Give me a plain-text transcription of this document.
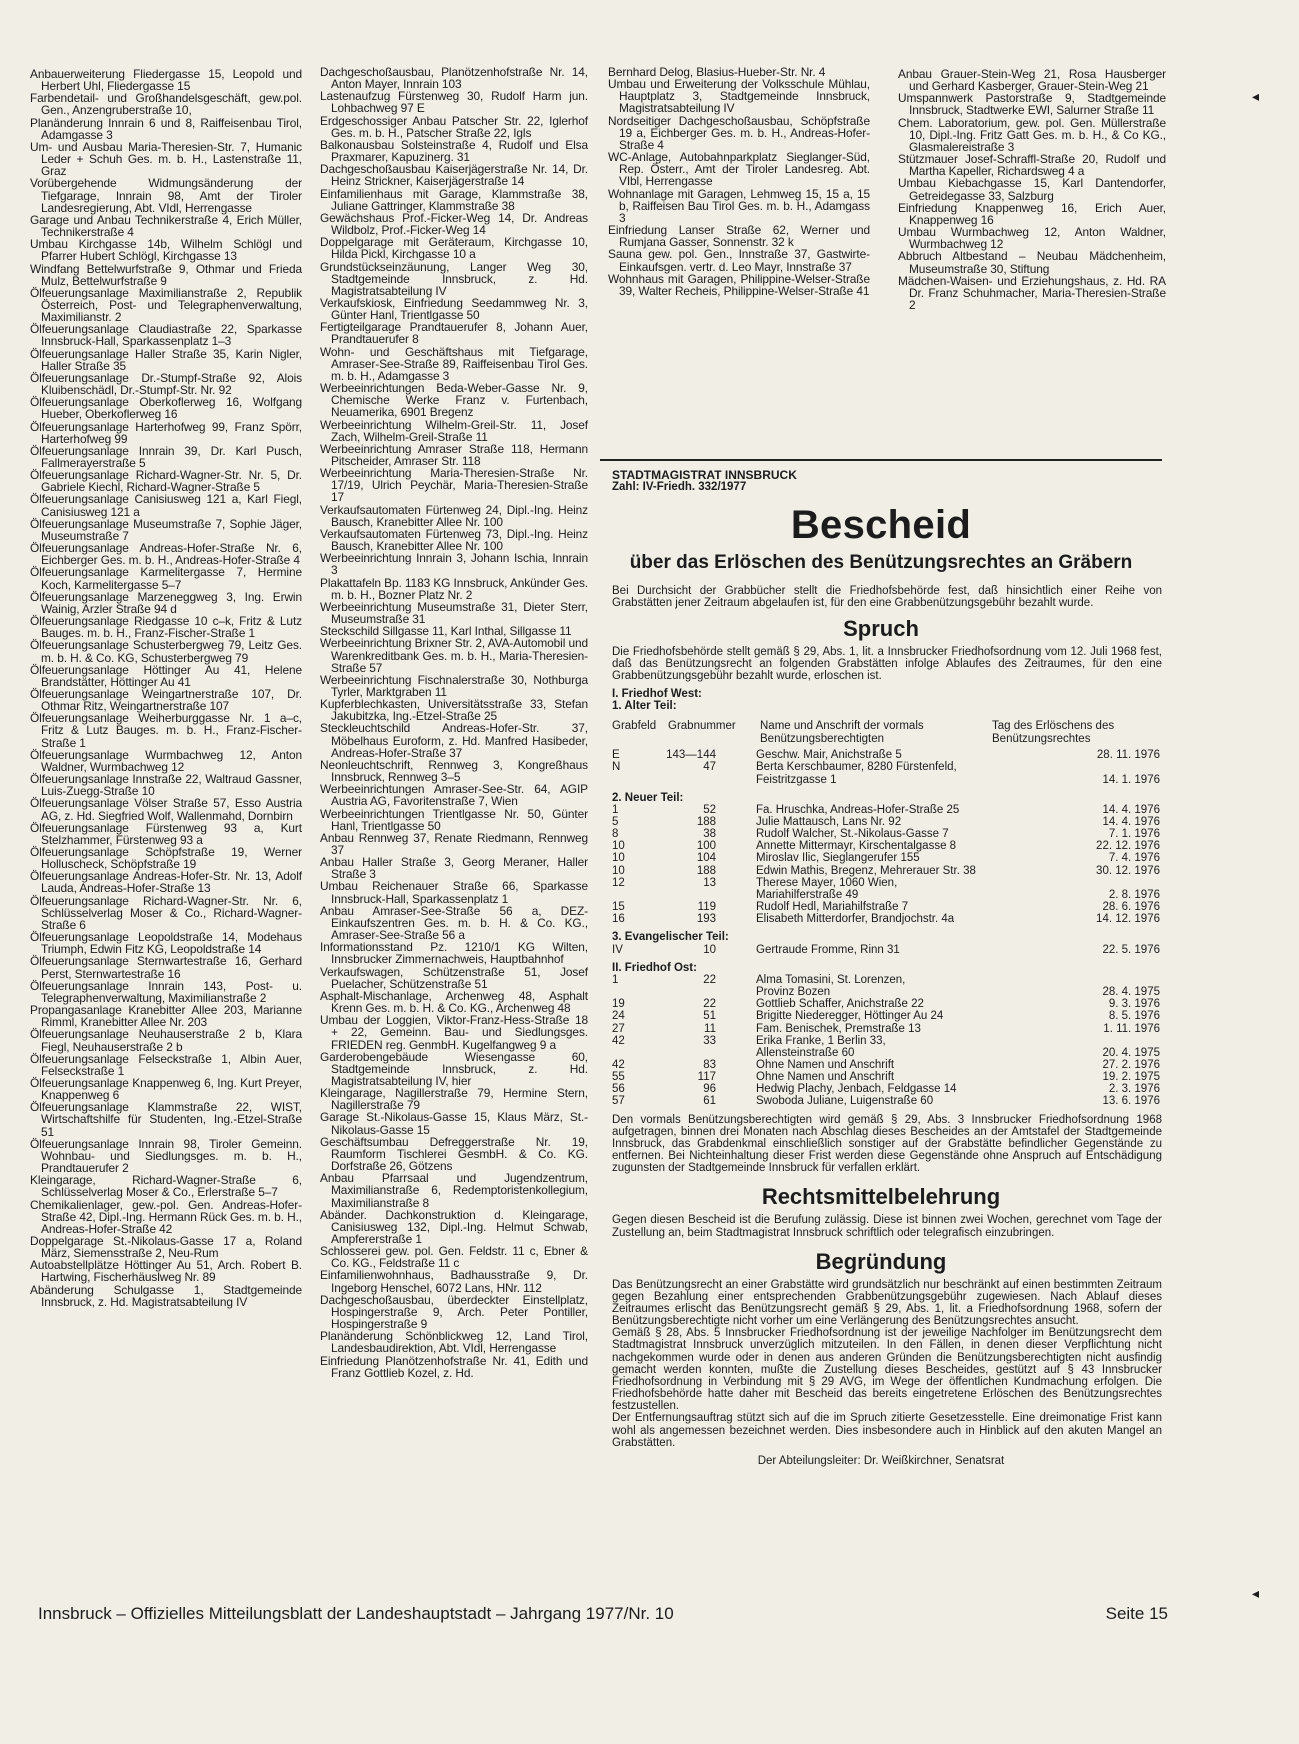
Anbauerweiterung Fliedergasse 15, Leopold und Herbert Uhl, Fliedergasse 15

Farbendetail- und Großhandelsgeschäft, gew.pol. Gen., Anzengruberstraße 10,

Planänderung Innrain 6 und 8, Raiffeisenbau Tirol, Adamgasse 3

Um- und Ausbau Maria-Theresien-Str. 7, Humanic Leder + Schuh Ges. m. b. H., Lastenstraße 11, Graz

Vorübergehende Widmungsänderung der Tiefgarage, Innrain 98, Amt der Tiroler Landesregierung, Abt. VIdl, Herrengasse

Garage und Anbau Technikerstraße 4, Erich Müller, Technikerstraße 4

Umbau Kirchgasse 14b, Wilhelm Schlögl und Pfarrer Hubert Schlögl, Kirchgasse 13

Windfang Bettelwurfstraße 9, Othmar und Frieda Mulz, Bettelwurfstraße 9

Ölfeuerungsanlage Maximilianstraße 2, Republik Österreich, Post- und Telegraphenverwaltung, Maximilianstr. 2

Ölfeuerungsanlage Claudiastraße 22, Sparkasse Innsbruck-Hall, Sparkassenplatz 1–3

Ölfeuerungsanlage Haller Straße 35, Karin Nigler, Haller Straße 35

Ölfeuerungsanlage Dr.-Stumpf-Straße 92, Alois Kluibenschädl, Dr.-Stumpf-Str. Nr. 92

Ölfeuerungsanlage Oberkoflerweg 16, Wolfgang Hueber, Oberkoflerweg 16

Ölfeuerungsanlage Harterhofweg 99, Franz Spörr, Harterhofweg 99

Ölfeuerungsanlage Innrain 39, Dr. Karl Pusch, Fallmerayerstraße 5

Ölfeuerungsanlage Richard-Wagner-Str. Nr. 5, Dr. Gabriele Kiechl, Richard-Wagner-Straße 5

Ölfeuerungsanlage Canisiusweg 121 a, Karl Fiegl, Canisiusweg 121 a

Ölfeuerungsanlage Museumstraße 7, Sophie Jäger, Museumstraße 7

Ölfeuerungsanlage Andreas-Hofer-Straße Nr. 6, Eichberger Ges. m. b. H., Andreas-Hofer-Straße 4

Ölfeuerungsanlage Karmelitergasse 7, Hermine Koch, Karmelitergasse 5–7

Ölfeuerungsanlage Marzeneggweg 3, Ing. Erwin Wainig, Arzler Straße 94 d

Ölfeuerungsanlage Riedgasse 10 c–k, Fritz & Lutz Bauges. m. b. H., Franz-Fischer-Straße 1

Ölfeuerungsanlage Schusterbergweg 79, Leitz Ges. m. b. H. & Co. KG, Schusterbergweg 79

Ölfeuerungsanlage Höttinger Au 41, Helene Brandstätter, Höttinger Au 41

Ölfeuerungsanlage Weingartnerstraße 107, Dr. Othmar Ritz, Weingartnerstraße 107

Ölfeuerungsanlage Weiherburggasse Nr. 1 a–c, Fritz & Lutz Bauges. m. b. H., Franz-Fischer-Straße 1

Ölfeuerungsanlage Wurmbachweg 12, Anton Waldner, Wurmbachweg 12

Ölfeuerungsanlage Innstraße 22, Waltraud Gassner, Luis-Zuegg-Straße 10

Ölfeuerungsanlage Völser Straße 57, Esso Austria AG, z. Hd. Siegfried Wolf, Wallenmahd, Dornbirn

Ölfeuerungsanlage Fürstenweg 93 a, Kurt Stelzhammer, Fürstenweg 93 a

Ölfeuerungsanlage Schöpfstraße 19, Werner Holluscheck, Schöpfstraße 19

Ölfeuerungsanlage Andreas-Hofer-Str. Nr. 13, Adolf Lauda, Andreas-Hofer-Straße 13

Ölfeuerungsanlage Richard-Wagner-Str. Nr. 6, Schlüsselverlag Moser & Co., Richard-Wagner-Straße 6

Ölfeuerungsanlage Leopoldstraße 14, Modehaus Triumph, Edwin Fitz KG, Leopoldstraße 14

Ölfeuerungsanlage Sternwartestraße 16, Gerhard Perst, Sternwartestraße 16

Ölfeuerungsanlage Innrain 143, Post- u. Telegraphenverwaltung, Maximilianstraße 2

Propangasanlage Kranebitter Allee 203, Marianne Rimml, Kranebitter Allee Nr. 203

Ölfeuerungsanlage Neuhauserstraße 2 b, Klara Fiegl, Neuhauserstraße 2 b

Ölfeuerungsanlage Felseckstraße 1, Albin Auer, Felseckstraße 1

Ölfeuerungsanlage Knappenweg 6, Ing. Kurt Preyer, Knappenweg 6

Ölfeuerungsanlage Klammstraße 22, WIST, Wirtschaftshilfe für Studenten, Ing.-Etzel-Straße 51

Ölfeuerungsanlage Innrain 98, Tiroler Gemeinn. Wohnbau- und Siedlungsges. m. b. H., Prandtauerufer 2

Kleingarage, Richard-Wagner-Straße 6, Schlüsselverlag Moser & Co., Erlerstraße 5–7

Chemikalienlager, gew.-pol. Gen. Andreas-Hofer-Straße 42, Dipl.-Ing. Hermann Rück Ges. m. b. H., Andreas-Hofer-Straße 42

Doppelgarage St.-Nikolaus-Gasse 17 a, Roland März, Siemensstraße 2, Neu-Rum

Autoabstellplätze Höttinger Au 51, Arch. Robert B. Hartwing, Fischerhäuslweg Nr. 89

Abänderung Schulgasse 1, Stadtgemeinde Innsbruck, z. Hd. Magistratsabteilung IV

Dachgeschoßausbau, Planötzenhofstraße Nr. 14, Anton Mayer, Innrain 103

Lastenaufzug Fürstenweg 30, Rudolf Harm jun. Lohbachweg 97 E

Erdgeschossiger Anbau Patscher Str. 22, Iglerhof Ges. m. b. H., Patscher Straße 22, Igls

Balkonausbau Solsteinstraße 4, Rudolf und Elsa Praxmarer, Kapuzinerg. 31

Dachgeschoßausbau Kaiserjägerstraße Nr. 14, Dr. Heinz Strickner, Kaiserjägerstraße 14

Einfamilienhaus mit Garage, Klammstraße 38, Juliane Gattringer, Klammstraße 38

Gewächshaus Prof.-Ficker-Weg 14, Dr. Andreas Wildbolz, Prof.-Ficker-Weg 14

Doppelgarage mit Geräteraum, Kirchgasse 10, Hilda Pickl, Kirchgasse 10 a

Grundstückseinzäunung, Langer Weg 30, Stadtgemeinde Innsbruck, z. Hd. Magistratsabteilung IV

Verkaufskiosk, Einfriedung Seedammweg Nr. 3, Günter Hanl, Trientlgasse 50

Fertigteilgarage Prandtauerufer 8, Johann Auer, Prandtauerufer 8

Wohn- und Geschäftshaus mit Tiefgarage, Amraser-See-Straße 89, Raiffeisenbau Tirol Ges. m. b. H., Adamgasse 3

Werbeeinrichtungen Beda-Weber-Gasse Nr. 9, Chemische Werke Franz v. Furtenbach, Neuamerika, 6901 Bregenz

Werbeeinrichtung Wilhelm-Greil-Str. 11, Josef Zach, Wilhelm-Greil-Straße 11

Werbeeinrichtung Amraser Straße 118, Hermann Pitscheider, Amraser Str. 118

Werbeeinrichtung Maria-Theresien-Straße Nr. 17/19, Ulrich Peychär, Maria-Theresien-Straße 17

Verkaufsautomaten Fürtenweg 24, Dipl.-Ing. Heinz Bausch, Kranebitter Allee Nr. 100

Verkaufsautomaten Fürtenweg 73, Dipl.-Ing. Heinz Bausch, Kranebitter Allee Nr. 100

Werbeeinrichtung Innrain 3, Johann Ischia, Innrain 3

Plakattafeln Bp. 1183 KG Innsbruck, Ankünder Ges. m. b. H., Bozner Platz Nr. 2

Werbeeinrichtung Museumstraße 31, Dieter Sterr, Museumstraße 31

Steckschild Sillgasse 11, Karl Inthal, Sillgasse 11

Werbeeinrichtung Brixner Str. 2, AVA-Automobil und Warenkreditbank Ges. m. b. H., Maria-Theresien-Straße 57

Werbeeinrichtung Fischnalerstraße 30, Nothburga Tyrler, Marktgraben 11

Kupferblechkasten, Universitätsstraße 33, Stefan Jakubitzka, Ing.-Etzel-Straße 25

Steckleuchtschild Andreas-Hofer-Str. 37, Möbelhaus Euroform, z. Hd. Manfred Hasibeder, Andreas-Hofer-Straße 37

Neonleuchtschrift, Rennweg 3, Kongreßhaus Innsbruck, Rennweg 3–5

Werbeeinrichtungen Amraser-See-Str. 64, AGIP Austria AG, Favoritenstraße 7, Wien

Werbeeinrichtungen Trientlgasse Nr. 50, Günter Hanl, Trientlgasse 50

Anbau Rennweg 37, Renate Riedmann, Rennweg 37

Anbau Haller Straße 3, Georg Meraner, Haller Straße 3

Umbau Reichenauer Straße 66, Sparkasse Innsbruck-Hall, Sparkassenplatz 1

Anbau Amraser-See-Straße 56 a, DEZ-Einkaufszentren Ges. m. b. H. & Co. KG., Amraser-See-Straße 56 a

Informationsstand Pz. 1210/1 KG Wilten, Innsbrucker Zimmernachweis, Hauptbahnhof

Verkaufswagen, Schützenstraße 51, Josef Puelacher, Schützenstraße 51

Asphalt-Mischanlage, Archenweg 48, Asphalt Krenn Ges. m. b. H. & Co. KG., Archenweg 48

Umbau der Loggien, Viktor-Franz-Hess-Straße 18 + 22, Gemeinn. Bau- und Siedlungsges. FRIEDEN reg. GenmbH. Kugelfangweg 9 a

Garderobengebäude Wiesengasse 60, Stadtgemeinde Innsbruck, z. Hd. Magistratsabteilung IV, hier

Kleingarage, Nagillerstraße 79, Hermine Stern, Nagillerstraße 79

Garage St.-Nikolaus-Gasse 15, Klaus März, St.-Nikolaus-Gasse 15

Geschäftsumbau Defreggerstraße Nr. 19, Raumform Tischlerei GesmbH. & Co. KG. Dorfstraße 26, Götzens

Anbau Pfarrsaal und Jugendzentrum, Maximilianstraße 6, Redemptoristenkollegium, Maximilianstraße 8

Abänder. Dachkonstruktion d. Kleingarage, Canisiusweg 132, Dipl.-Ing. Helmut Schwab, Ampfererstraße 1

Schlosserei gew. pol. Gen. Feldstr. 11 c, Ebner & Co. KG., Feldstraße 11 c

Einfamilienwohnhaus, Badhausstraße 9, Dr. Ingeborg Henschel, 6072 Lans, HNr. 112

Dachgeschoßausbau, überdeckter Einstellplatz, Hospingerstraße 9, Arch. Peter Pontiller, Hospingerstraße 9

Planänderung Schönblickweg 12, Land Tirol, Landesbaudirektion, Abt. VIdl, Herrengasse

Einfriedung Planötzenhofstraße Nr. 41, Edith und Franz Gottlieb Kozel, z. Hd.

Bernhard Delog, Blasius-Hueber-Str. Nr. 4

Umbau und Erweiterung der Volksschule Mühlau, Hauptplatz 3, Stadtgemeinde Innsbruck, Magistratsabteilung IV

Nordseitiger Dachgeschoßausbau, Schöpfstraße 19 a, Eichberger Ges. m. b. H., Andreas-Hofer-Straße 4

WC-Anlage, Autobahnparkplatz Sieglanger-Süd, Rep. Österr., Amt der Tiroler Landesreg. Abt. VIbl, Herrengasse

Wohnanlage mit Garagen, Lehmweg 15, 15 a, 15 b, Raiffeisen Bau Tirol Ges. m. b. H., Adamgass 3

Einfriedung Lanser Straße 62, Werner und Rumjana Gasser, Sonnenstr. 32 k

Sauna gew. pol. Gen., Innstraße 37, Gastwirte-Einkaufsgen. vertr. d. Leo Mayr, Innstraße 37

Wohnhaus mit Garagen, Philippine-Welser-Straße 39, Walter Recheis, Philippine-Welser-Straße 41

Anbau Grauer-Stein-Weg 21, Rosa Hausberger und Gerhard Kasberger, Grauer-Stein-Weg 21

Umspannwerk Pastorstraße 9, Stadtgemeinde Innsbruck, Stadtwerke EWI, Salurner Straße 11

Chem. Laboratorium, gew. pol. Gen. Müllerstraße 10, Dipl.-Ing. Fritz Gatt Ges. m. b. H., & Co KG., Glasmalereistraße 3

Stützmauer Josef-Schraffl-Straße 20, Rudolf und Martha Kapeller, Richardsweg 4 a

Umbau Kiebachgasse 15, Karl Dantendorfer, Getreidegasse 33, Salzburg

Einfriedung Knappenweg 16, Erich Auer, Knappenweg 16

Umbau Wurmbachweg 12, Anton Waldner, Wurmbachweg 12

Abbruch Altbestand – Neubau Mädchenheim, Museumstraße 30, Stiftung

Mädchen-Waisen- und Erziehungshaus, z. Hd. RA Dr. Franz Schuhmacher, Maria-Theresien-Straße 2

STADTMAGISTRAT INNSBRUCK
Zahl: IV-Friedh. 332/1977
Bescheid
über das Erlöschen des Benützungsrechtes an Gräbern

Bei Durchsicht der Grabbücher stellt die Friedhofsbehörde fest, daß hinsichtlich einer Reihe von Grabstätten jener Zeitraum abgelaufen ist, für den eine Grabbenützungsgebühr bezahlt wurde.

Spruch

Die Friedhofsbehörde stellt gemäß § 29, Abs. 1, lit. a Innsbrucker Friedhofsordnung vom 12. Juli 1968 fest, daß das Benützungsrecht an folgenden Grabstätten infolge Ablaufes des Zeitraumes, für den eine Grabbenützungsgebühr bezahlt wurde, erloschen ist.

I. Friedhof West:
1. Alter Teil:
Grabfeld	Grabnummer	Name und Anschrift der vormals Benützungsberechtigten
Tag des Erlöschens des Benützungsrechtes
E	143—144	Geschw. Mair, Anichstraße 5	28. 11. 1976
N	47	Berta Kerschbaumer, 8280 Fürstenfeld,
Feistritzgasse 1	14. 1. 1976
2. Neuer Teil:
1	52	Fa. Hruschka, Andreas-Hofer-Straße 25	14. 4. 1976
5	188	Julie Mattausch, Lans Nr. 92	14. 4. 1976
8	38	Rudolf Walcher, St.-Nikolaus-Gasse 7	7. 1. 1976
10	100	Annette Mittermayr, Kirschentalgasse 8	22. 12. 1976
10	104	Miroslav Ilic, Sieglangerufer 155	7. 4. 1976
10	188	Edwin Mathis, Bregenz, Mehrerauer Str. 38	30. 12. 1976
12	13	Therese Mayer, 1060 Wien,
Mariahilferstraße 49	2. 8. 1976
15	119	Rudolf Hedl, Mariahilfstraße 7	28. 6. 1976
16	193	Elisabeth Mitterdorfer, Brandjochstr. 4a	14. 12. 1976
3. Evangelischer Teil:
IV	10	Gertraude Fromme, Rinn 31	22. 5. 1976
II. Friedhof Ost:
1	22	Alma Tomasini, St. Lorenzen,
Provinz Bozen	28. 4. 1975
19	22	Gottlieb Schaffer, Anichstraße 22	9. 3. 1976
24	51	Brigitte Niederegger, Höttinger Au 24	8. 5. 1976
27	11	Fam. Benischek, Premstraße 13	1. 11. 1976
42	33	Erika Franke, 1 Berlin 33,
Allensteinstraße 60	20. 4. 1975
42	83	Ohne Namen und Anschrift	27. 2. 1976
55	117	Ohne Namen und Anschrift	19. 2. 1975
56	96	Hedwig Plachy, Jenbach, Feldgasse 14	2. 3. 1976
57	61	Swoboda Juliane, Luigenstraße 60	13. 6. 1976

Den vormals Benützungsberechtigten wird gemäß § 29, Abs. 3 Innsbrucker Friedhofsordnung 1968 aufgetragen, binnen drei Monaten nach Abschlag dieses Bescheides an der Amtstafel der Stadtgemeinde Innsbruck, das Grabdenkmal einschließlich sonstiger auf der Grabstätte befindlicher Gegenstände zu entfernen. Bei Nichteinhaltung dieser Frist werden diese Gegenstände ohne Anspruch auf Entschädigung zugunsten der Stadtgemeinde Innsbruck für verfallen erklärt.

Rechtsmittelbelehrung

Gegen diesen Bescheid ist die Berufung zulässig. Diese ist binnen zwei Wochen, gerechnet vom Tage der Zustellung an, beim Stadtmagistrat Innsbruck schriftlich oder telegrafisch einzubringen.

Begründung

Das Benützungsrecht an einer Grabstätte wird grundsätzlich nur beschränkt auf einen bestimmten Zeitraum gegen Bezahlung einer entsprechenden Grabbenützungsgebühr zugewiesen. Nach Ablauf dieses Zeitraumes erlischt das Benützungsrecht gemäß § 29, Abs. 1, lit. a Friedhofsordnung 1968, sofern der Benützungsberechtigte nicht vorher um eine Verlängerung des Benützungsrechtes ansucht.

Gemäß § 28, Abs. 5 Innsbrucker Friedhofsordnung ist der jeweilige Nachfolger im Benützungsrecht dem Stadtmagistrat Innsbruck unverzüglich mitzuteilen. In den Fällen, in denen dieser Verpflichtung nicht nachgekommen wurde oder in denen aus anderen Gründen die Benützungsberechtigten nicht ausfindig gemacht werden konnten, mußte die Zustellung dieses Bescheides, gestützt auf § 43 Innsbrucker Friedhofsordnung in Verbindung mit § 29 AVG, im Wege der öffentlichen Kundmachung erfolgen. Die Friedhofsbehörde hatte daher mit Bescheid das bereits eingetretene Erlöschen des Benützungsrechtes festzustellen.

Der Entfernungsauftrag stützt sich auf die im Spruch zitierte Gesetzesstelle. Eine dreimonatige Frist kann wohl als angemessen bezeichnet werden. Dies insbesondere auch in Hinblick auf den akuten Mangel an Grabstätten.

Der Abteilungsleiter: Dr. Weißkirchner, Senatsrat
Innsbruck – Offizielles Mitteilungsblatt der Landeshauptstadt – Jahrgang 1977/Nr. 10	Seite 15
◂
◂
